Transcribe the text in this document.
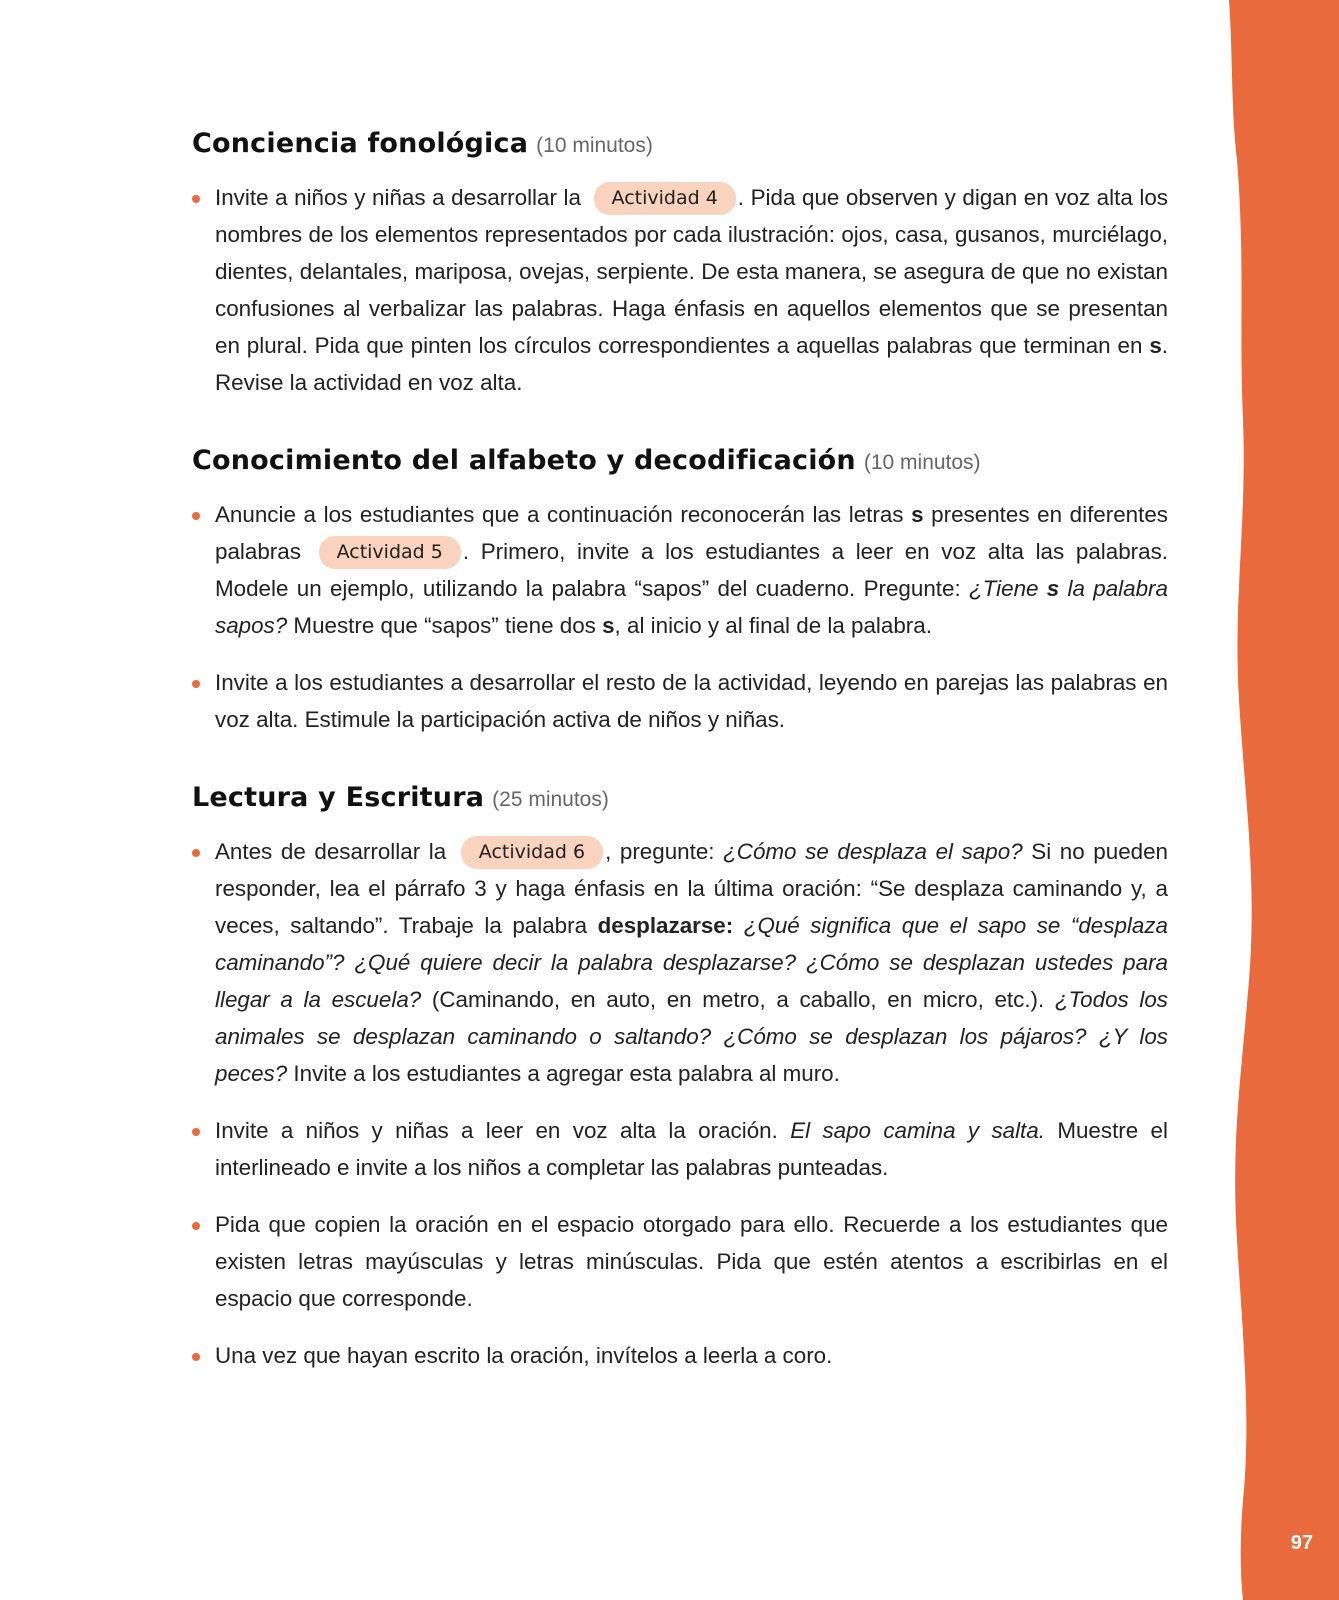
97
Conciencia fonológica (10 minutos)
Invite a niños y niñas a desarrollar la Actividad 4 . Pida que observen y digan en voz alta los nombres de los elementos representados por cada ilustración: ojos, casa, gusanos, murciélago, dientes, delantales, mariposa, ovejas, serpiente. De esta manera, se asegura de que no existan confusiones al verbalizar las palabras. Haga énfasis en aquellos elementos que se presentan en plural. Pida que pinten los círculos correspondientes a aquellas palabras que terminan en s. Revise la actividad en voz alta.
Conocimiento del alfabeto y decodificación (10 minutos)
Anuncie a los estudiantes que a continuación reconocerán las letras s presentes en diferentes palabras Actividad 5 . Primero, invite a los estudiantes a leer en voz alta las palabras. Modele un ejemplo, utilizando la palabra “sapos” del cuaderno. Pregunte: ¿Tiene s la palabra sapos? Muestre que “sapos” tiene dos s, al inicio y al final de la palabra.
Invite a los estudiantes a desarrollar el resto de la actividad, leyendo en parejas las palabras en voz alta. Estimule la participación activa de niños y niñas.
Lectura y Escritura (25 minutos)
Antes de desarrollar la Actividad 6 , pregunte: ¿Cómo se desplaza el sapo? Si no pueden responder, lea el párrafo 3 y haga énfasis en la última oración: “Se desplaza caminando y, a veces, saltando”. Trabaje la palabra desplazarse: ¿Qué significa que el sapo se “desplaza caminando”? ¿Qué quiere decir la palabra desplazarse? ¿Cómo se desplazan ustedes para llegar a la escuela? (Caminando, en auto, en metro, a caballo, en micro, etc.). ¿Todos los animales se desplazan caminando o saltando? ¿Cómo se desplazan los pájaros? ¿Y los peces? Invite a los estudiantes a agregar esta palabra al muro.
Invite a niños y niñas a leer en voz alta la oración. El sapo camina y salta. Muestre el interlineado e invite a los niños a completar las palabras punteadas.
Pida que copien la oración en el espacio otorgado para ello. Recuerde a los estudiantes que existen letras mayúsculas y letras minúsculas. Pida que estén atentos a escribirlas en el espacio que corresponde.
Una vez que hayan escrito la oración, invítelos a leerla a coro.
